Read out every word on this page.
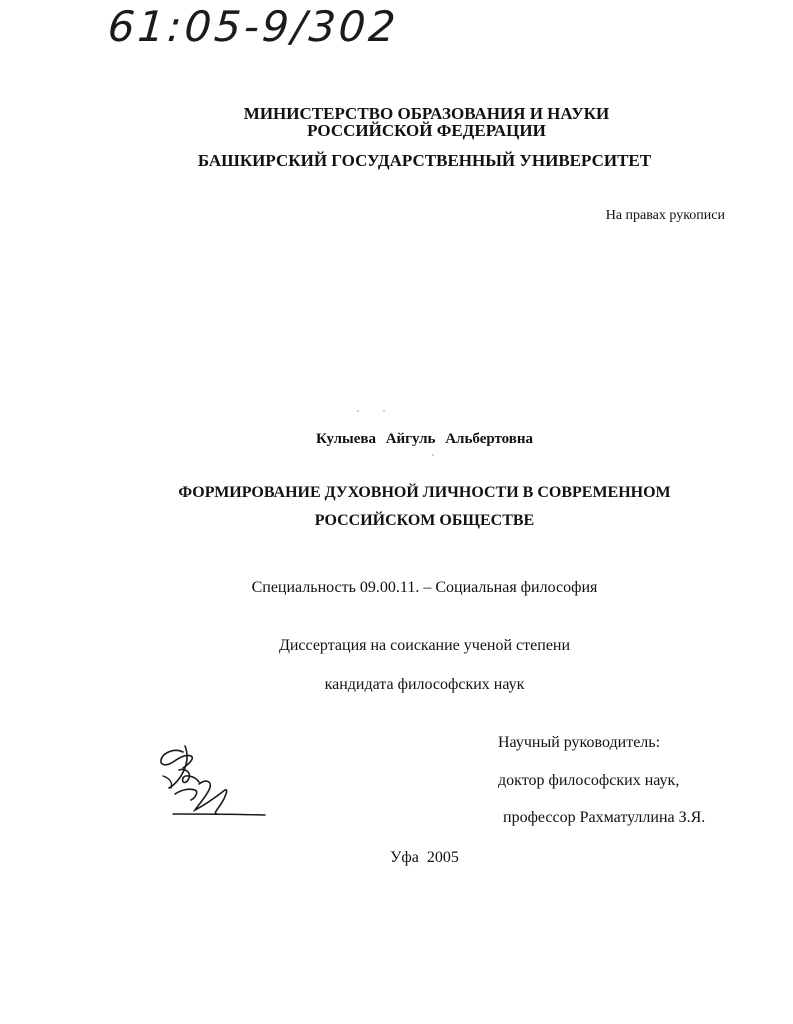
61:05-9/302
МИНИСТЕРСТВО ОБРАЗОВАНИЯ И НАУКИ
РОССИЙСКОЙ ФЕДЕРАЦИИ
БАШКИРСКИЙ ГОСУДАРСТВЕННЫЙ УНИВЕРСИТЕТ
На правах рукописи
Кулыева Айгуль Альбертовна
ФОРМИРОВАНИЕ ДУХОВНОЙ ЛИЧНОСТИ В СОВРЕМЕННОМ
РОССИЙСКОМ ОБЩЕСТВЕ
Специальность 09.00.11. – Социальная философия
Диссертация на соискание ученой степени
кандидата философских наук
Научный руководитель:
доктор философских наук,
профессор Рахматуллина З.Я.
Уфа 2005
